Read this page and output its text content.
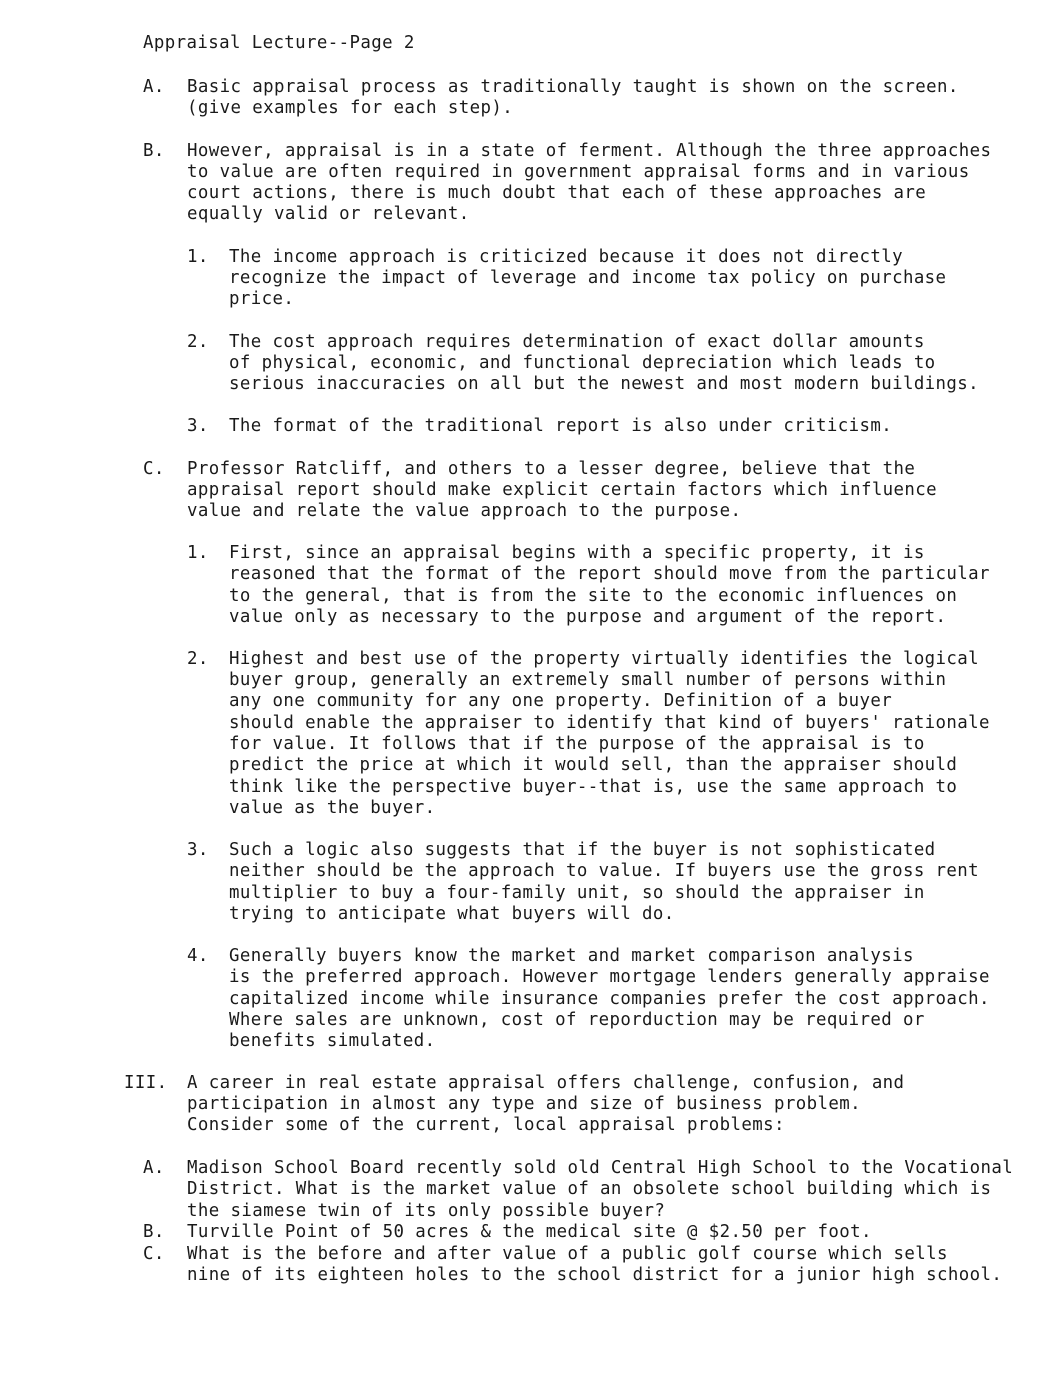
Appraisal Lecture--Page 2
A. Basic appraisal process as traditionally taught is shown on the screen.
(give examples for each step).
B. However, appraisal is in a state of ferment. Although the three approaches
to value are often required in government appraisal forms and in various
court actions, there is much doubt that each of these approaches are
equally valid or relevant.
1. The income approach is criticized because it does not directly
recognize the impact of leverage and income tax policy on purchase
price.
2. The cost approach requires determination of exact dollar amounts
of physical, economic, and functional depreciation which leads to
serious inaccuracies on all but the newest and most modern buildings.
3. The format of the traditional report is also under criticism.
C. Professor Ratcliff, and others to a lesser degree, believe that the
appraisal report should make explicit certain factors which influence
value and relate the value approach to the purpose.
1. First, since an appraisal begins with a specific property, it is
reasoned that the format of the report should move from the particular
to the general, that is from the site to the economic influences on
value only as necessary to the purpose and argument of the report.
2. Highest and best use of the property virtually identifies the logical
buyer group, generally an extremely small number of persons within
any one community for any one property. Definition of a buyer
should enable the appraiser to identify that kind of buyers' rationale
for value. It follows that if the purpose of the appraisal is to
predict the price at which it would sell, than the appraiser should
think like the perspective buyer--that is, use the same approach to
value as the buyer.
3. Such a logic also suggests that if the buyer is not sophisticated
neither should be the approach to value. If buyers use the gross rent
multiplier to buy a four-family unit, so should the appraiser in
trying to anticipate what buyers will do.
4. Generally buyers know the market and market comparison analysis
is the preferred approach. However mortgage lenders generally appraise
capitalized income while insurance companies prefer the cost approach.
Where sales are unknown, cost of reporduction may be required or
benefits simulated.
III. A career in real estate appraisal offers challenge, confusion, and
participation in almost any type and size of business problem.
Consider some of the current, local appraisal problems:
A. Madison School Board recently sold old Central High School to the Vocational
District. What is the market value of an obsolete school building which is
the siamese twin of its only possible buyer?
B. Turville Point of 50 acres & the medical site @ $2.50 per foot.
C. What is the before and after value of a public golf course which sells
nine of its eighteen holes to the school district for a junior high school.
